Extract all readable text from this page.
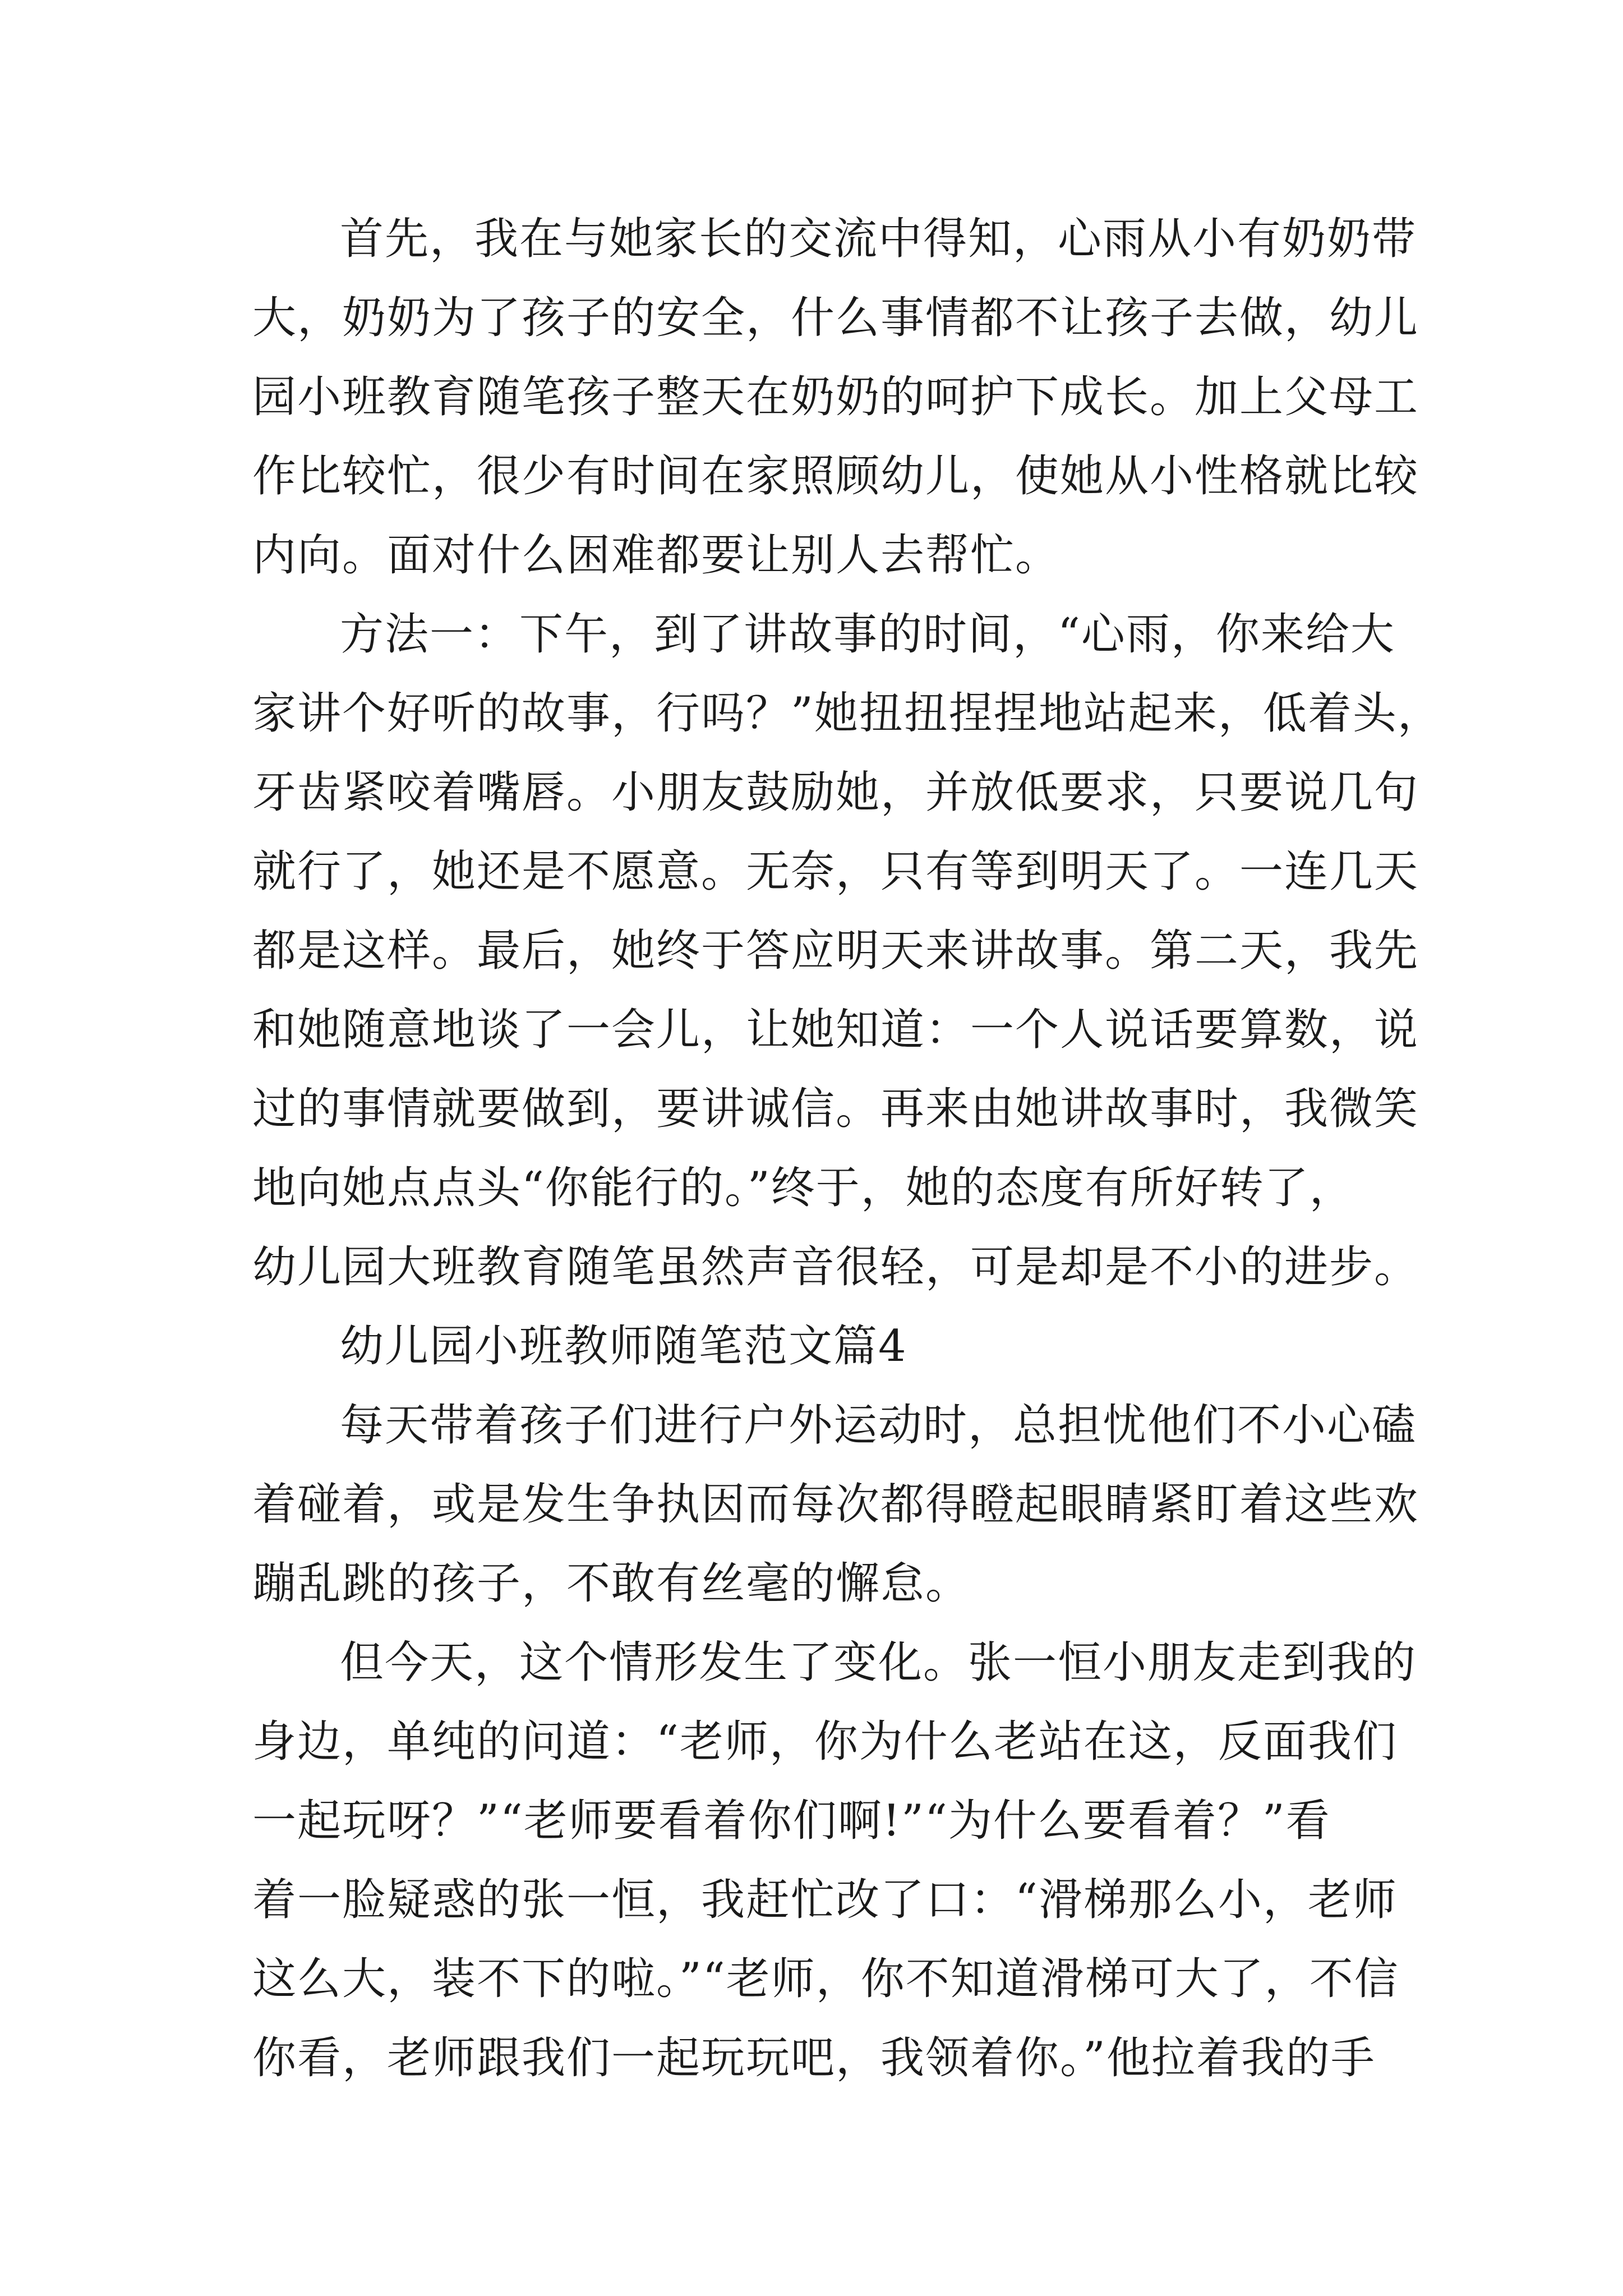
首先，我在与她家长的交流中得知，心雨从小有奶奶带
大，奶奶为了孩子的安全，什么事情都不让孩子去做，幼儿
园小班教育随笔孩子整天在奶奶的呵护下成长。加上父母工
作比较忙，很少有时间在家照顾幼儿，使她从小性格就比较
内向。面对什么困难都要让别人去帮忙。
方法一：下午，到了讲故事的时间，“心雨，你来给大
家讲个好听的故事，行吗？”她扭扭捏捏地站起来，低着头，
牙齿紧咬着嘴唇。小朋友鼓励她，并放低要求，只要说几句
就行了，她还是不愿意。无奈，只有等到明天了。一连几天
都是这样。最后，她终于答应明天来讲故事。第二天，我先
和她随意地谈了一会儿，让她知道：一个人说话要算数，说
过的事情就要做到，要讲诚信。再来由她讲故事时，我微笑
地向她点点头“你能行的。”终于，她的态度有所好转了，
幼儿园大班教育随笔虽然声音很轻，可是却是不小的进步。
幼儿园小班教师随笔范文篇4
每天带着孩子们进行户外运动时，总担忧他们不小心磕
着碰着，或是发生争执因而每次都得瞪起眼睛紧盯着这些欢
蹦乱跳的孩子，不敢有丝毫的懈怠。
但今天，这个情形发生了变化。张一恒小朋友走到我的
身边，单纯的问道：“老师，你为什么老站在这，反面我们
一起玩呀？”“老师要看着你们啊!”“为什么要看着？”看
着一脸疑惑的张一恒，我赶忙改了口：“滑梯那么小，老师
这么大，装不下的啦。”“老师，你不知道滑梯可大了，不信
你看，老师跟我们一起玩玩吧，我领着你。”他拉着我的手
